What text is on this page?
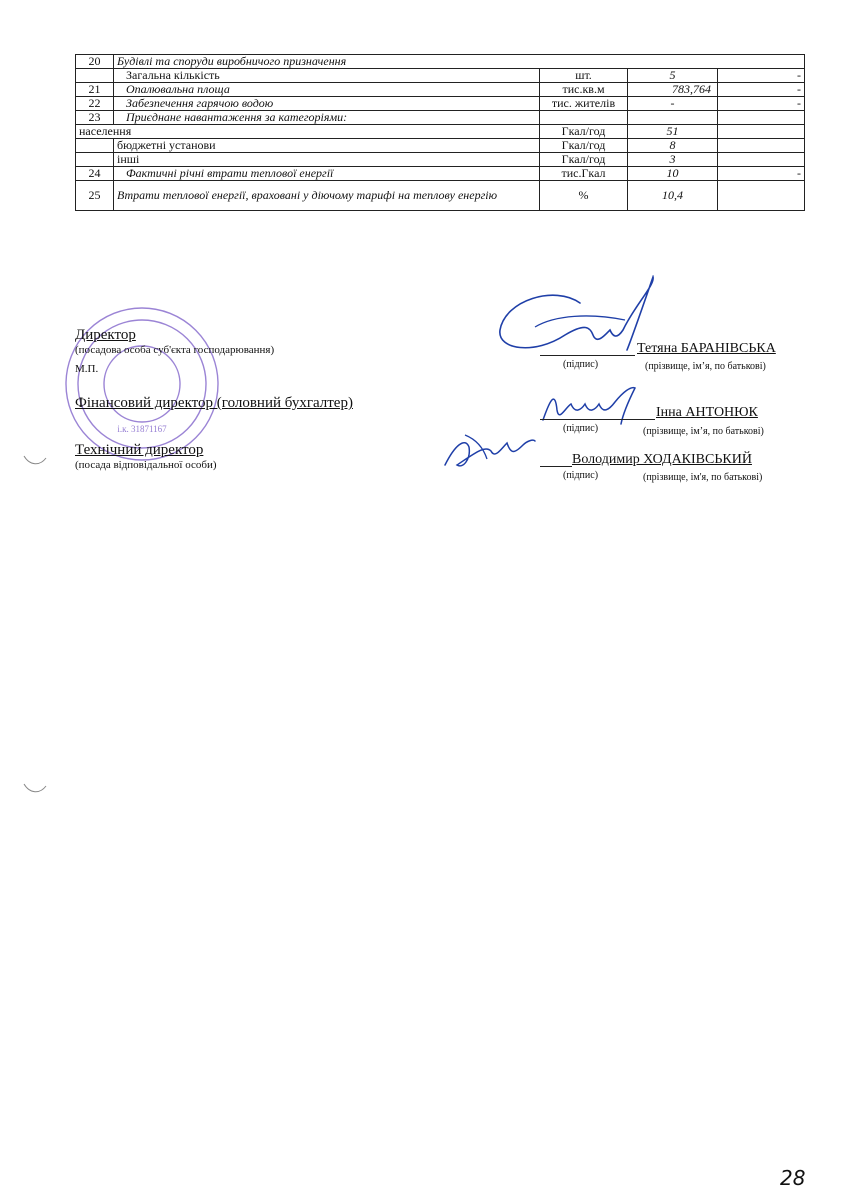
20	Будівлі та споруди виробничого призначення			
	Загальна кількість	шт.	5	-
21	Опалювальна площа	тис.кв.м	783,764	-
22	Забезпечення гарячою водою	тис. жителів	-	-
23	Приєднане навантаження за категоріями:			
населення		Гкал/год	51	
	бюджетні установи	Гкал/год	8	
	інші	Гкал/год	3	
24	Фактичні річні втрати теплової енергії	тис.Гкал	10	-
25	Втрати теплової енергії, враховані у діючому тарифі на теплову енергію	%	10,4	
і.к. 31871167
Директор
(посадова особа суб'єкта господарювання)
М.П.
Фінансовий директор (головний бухгалтер)
Технічний директор
(посада відповідальної особи)
Тетяна БАРАНІВСЬКА
(підпис)	(прізвище, ім’я, по батькові)
Інна АНТОНЮК
(підпис)	(прізвище, ім’я, по батькові)
Володимир ХОДАКІВСЬКИЙ
(підпис)	(прізвище, ім'я, по батькові)
28
